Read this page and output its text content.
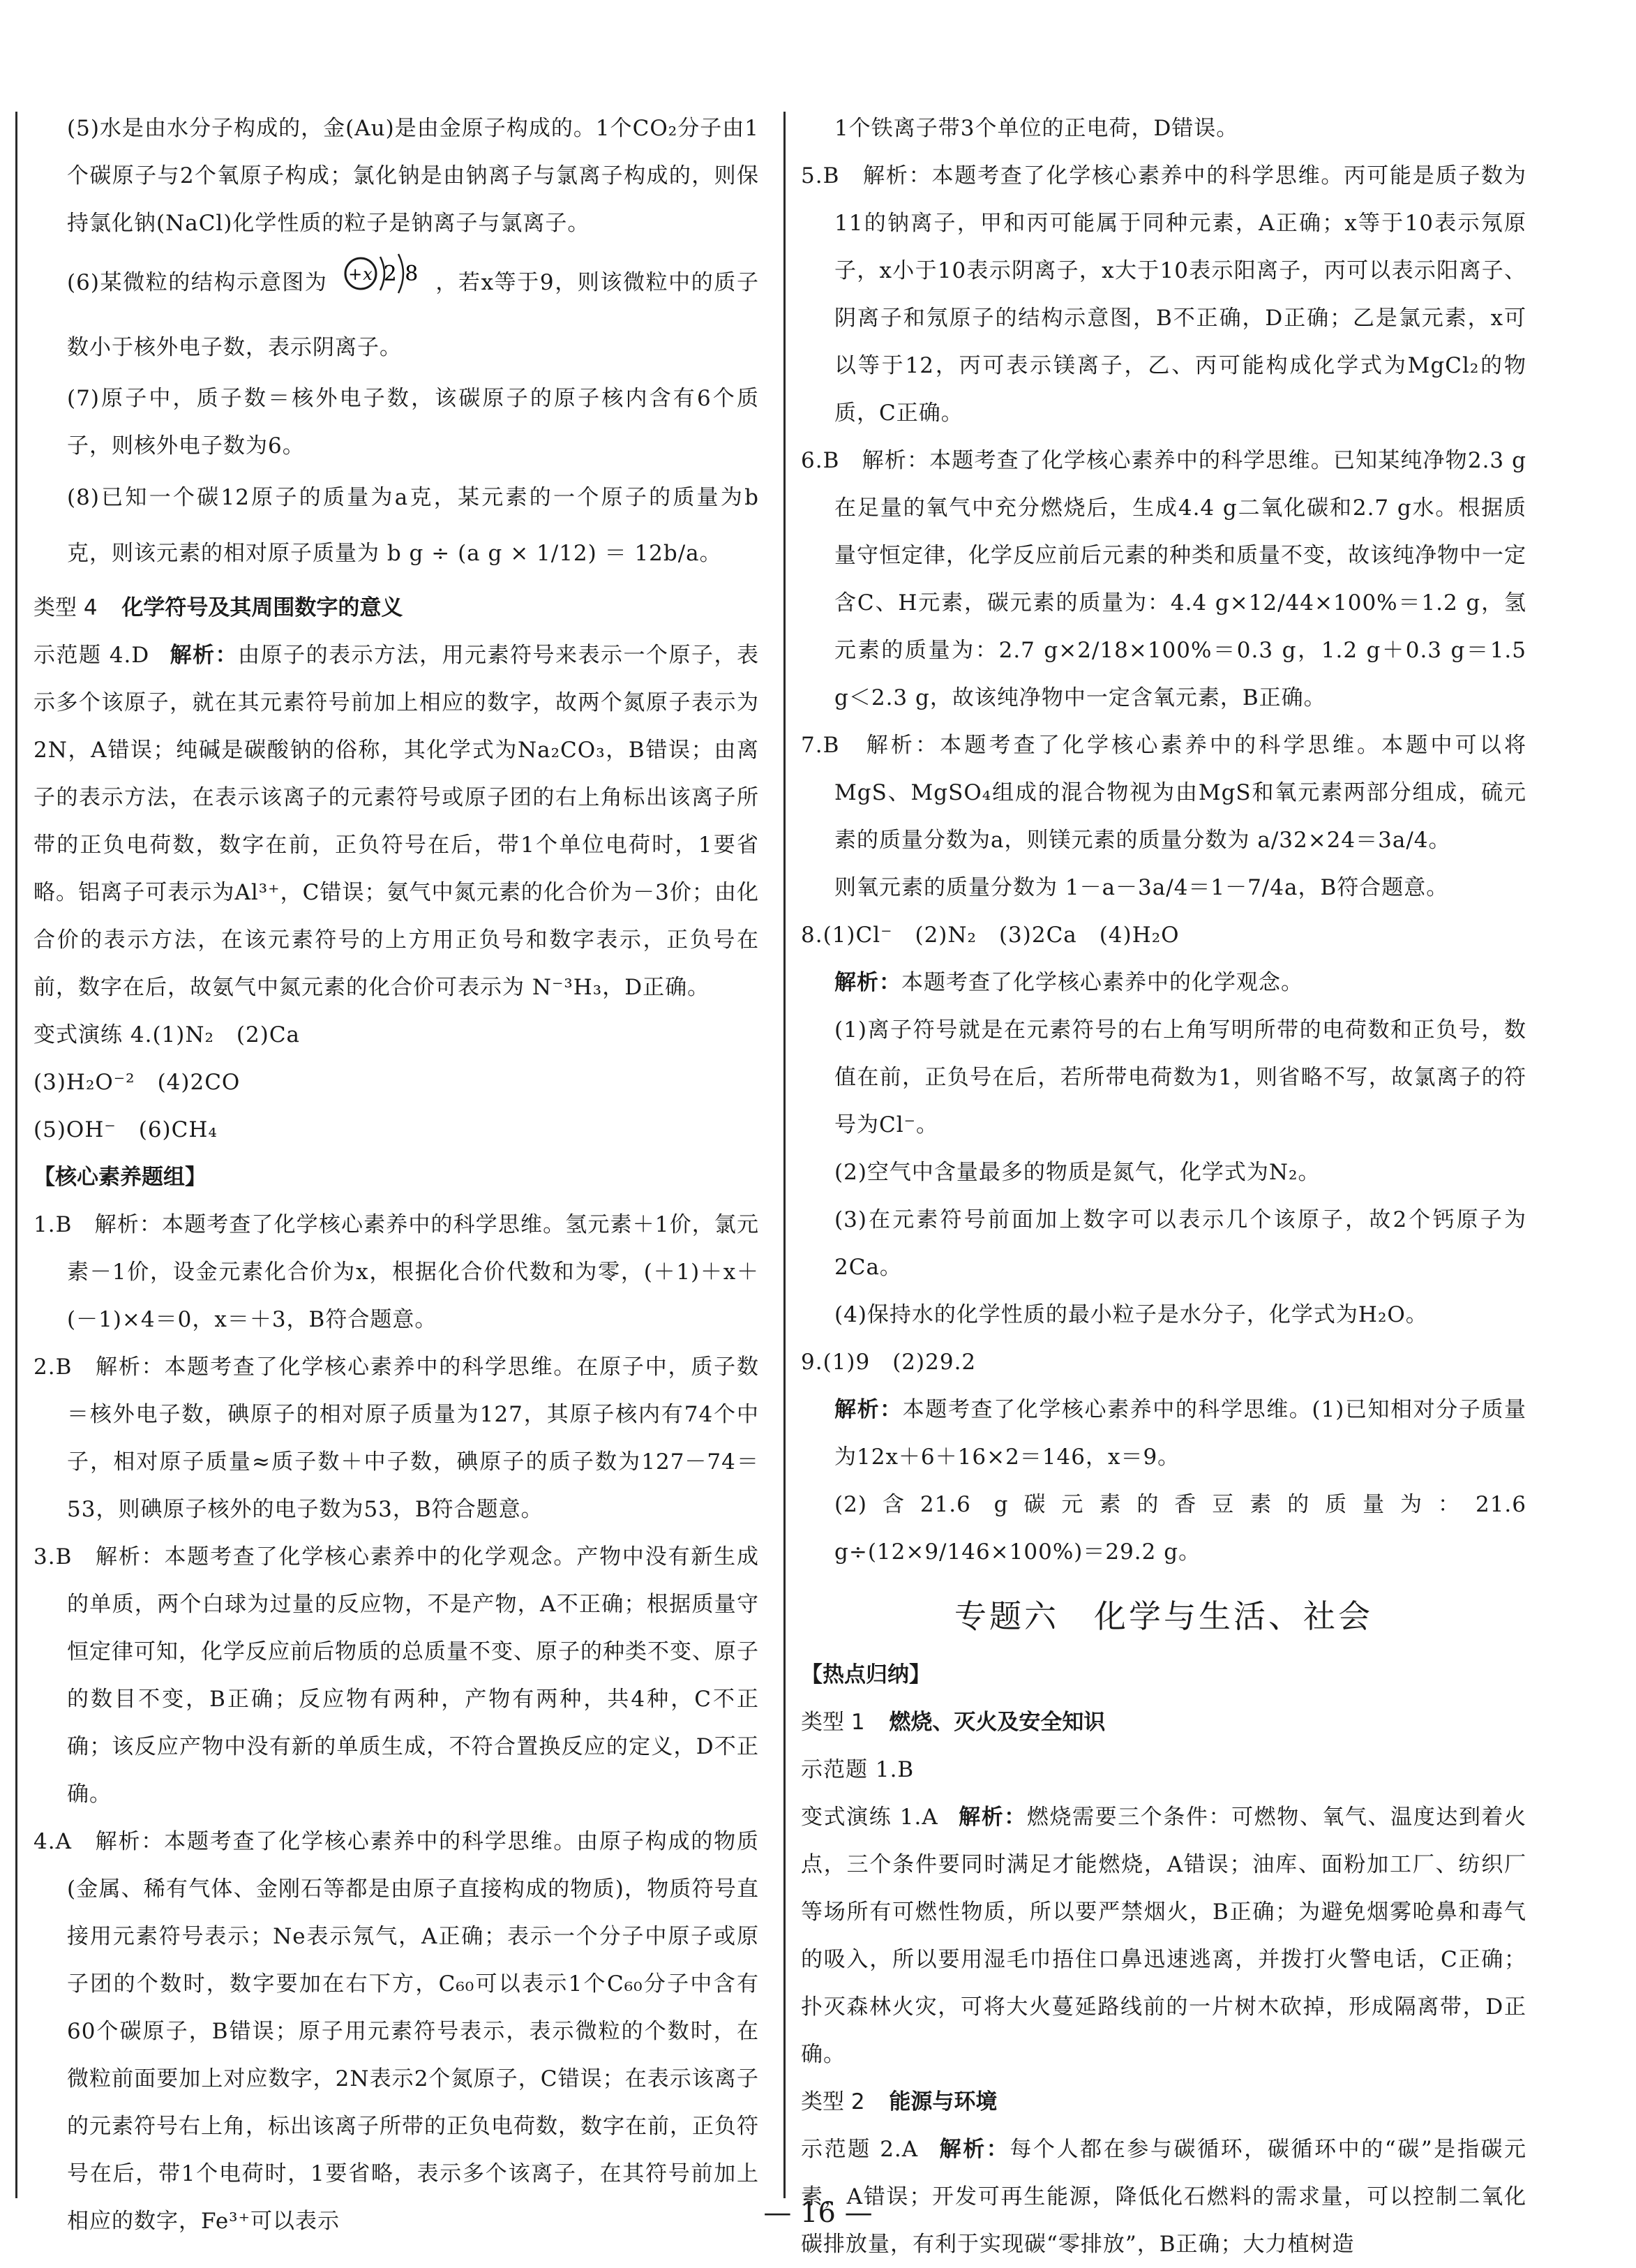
(5)水是由水分子构成的，金(Au)是由金原子构成的。1个CO₂分子由1个碳原子与2个氧原子构成；氯化钠是由钠离子与氯离子构成的，则保持氯化钠(NaCl)化学性质的粒子是钠离子与氯离子。

(6)某微粒的结构示意图为 +x 2 8 ，若x等于9，则该微粒中的质子数小于核外电子数，表示阴离子。

(7)原子中，质子数＝核外电子数，该碳原子的原子核内含有6个质子，则核外电子数为6。

(8)已知一个碳12原子的质量为a克，某元素的一个原子的质量为b克，则该元素的相对原子质量为 b g ÷ (a g × 1/12) ＝ 12b/a。

类型 4 化学符号及其周围数字的意义

示范题 4.D 解析：由原子的表示方法，用元素符号来表示一个原子，表示多个该原子，就在其元素符号前加上相应的数字，故两个氮原子表示为2N，A错误；纯碱是碳酸钠的俗称，其化学式为Na₂CO₃，B错误；由离子的表示方法，在表示该离子的元素符号或原子团的右上角标出该离子所带的正负电荷数，数字在前，正负符号在后，带1个单位电荷时，1要省略。铝离子可表示为Al³⁺，C错误；氨气中氮元素的化合价为－3价；由化合价的表示方法，在该元素符号的上方用正负号和数字表示，正负号在前，数字在后，故氨气中氮元素的化合价可表示为 N⁻³H₃，D正确。

变式演练 4.(1)N₂　(2)Ca

(3)H₂O⁻²　(4)2CO

(5)OH⁻　(6)CH₄

【核心素养题组】

1.B　解析：本题考查了化学核心素养中的科学思维。氢元素＋1价，氯元素－1价，设金元素化合价为x，根据化合价代数和为零，(＋1)＋x＋(－1)×4＝0，x＝＋3，B符合题意。

2.B　解析：本题考查了化学核心素养中的科学思维。在原子中，质子数＝核外电子数，碘原子的相对原子质量为127，其原子核内有74个中子，相对原子质量≈质子数＋中子数，碘原子的质子数为127－74＝53，则碘原子核外的电子数为53，B符合题意。

3.B　解析：本题考查了化学核心素养中的化学观念。产物中没有新生成的单质，两个白球为过量的反应物，不是产物，A不正确；根据质量守恒定律可知，化学反应前后物质的总质量不变、原子的种类不变、原子的数目不变，B正确；反应物有两种，产物有两种，共4种，C不正确；该反应产物中没有新的单质生成，不符合置换反应的定义，D不正确。

4.A　解析：本题考查了化学核心素养中的科学思维。由原子构成的物质(金属、稀有气体、金刚石等都是由原子直接构成的物质)，物质符号直接用元素符号表示；Ne表示氖气，A正确；表示一个分子中原子或原子团的个数时，数字要加在右下方，C₆₀可以表示1个C₆₀分子中含有60个碳原子，B错误；原子用元素符号表示，表示微粒的个数时，在微粒前面要加上对应数字，2N表示2个氮原子，C错误；在表示该离子的元素符号右上角，标出该离子所带的正负电荷数，数字在前，正负符号在后，带1个电荷时，1要省略，表示多个该离子，在其符号前加上相应的数字，Fe³⁺可以表示

1个铁离子带3个单位的正电荷，D错误。

5.B　解析：本题考查了化学核心素养中的科学思维。丙可能是质子数为11的钠离子，甲和丙可能属于同种元素，A正确；x等于10表示氖原子，x小于10表示阴离子，x大于10表示阳离子，丙可以表示阳离子、阴离子和氖原子的结构示意图，B不正确，D正确；乙是氯元素，x可以等于12，丙可表示镁离子，乙、丙可能构成化学式为MgCl₂的物质，C正确。

6.B　解析：本题考查了化学核心素养中的科学思维。已知某纯净物2.3 g在足量的氧气中充分燃烧后，生成4.4 g二氧化碳和2.7 g水。根据质量守恒定律，化学反应前后元素的种类和质量不变，故该纯净物中一定含C、H元素，碳元素的质量为：4.4 g×12/44×100%＝1.2 g，氢元素的质量为：2.7 g×2/18×100%＝0.3 g，1.2 g＋0.3 g＝1.5 g＜2.3 g，故该纯净物中一定含氧元素，B正确。

7.B　解析：本题考查了化学核心素养中的科学思维。本题中可以将MgS、MgSO₄组成的混合物视为由MgS和氧元素两部分组成，硫元素的质量分数为a，则镁元素的质量分数为 a/32×24＝3a/4。

则氧元素的质量分数为 1－a－3a/4＝1－7/4a，B符合题意。

8.(1)Cl⁻　(2)N₂　(3)2Ca　(4)H₂O

解析：本题考查了化学核心素养中的化学观念。

(1)离子符号就是在元素符号的右上角写明所带的电荷数和正负号，数值在前，正负号在后，若所带电荷数为1，则省略不写，故氯离子的符号为Cl⁻。

(2)空气中含量最多的物质是氮气，化学式为N₂。

(3)在元素符号前面加上数字可以表示几个该原子，故2个钙原子为2Ca。

(4)保持水的化学性质的最小粒子是水分子，化学式为H₂O。

9.(1)9　(2)29.2

解析：本题考查了化学核心素养中的科学思维。(1)已知相对分子质量为12x＋6＋16×2＝146，x＝9。

(2)含21.6 g碳元素的香豆素的质量为：21.6 g÷(12×9/146×100%)＝29.2 g。

专题六　化学与生活、社会

【热点归纳】

类型 1 燃烧、灭火及安全知识

示范题 1.B

变式演练 1.A 解析：燃烧需要三个条件：可燃物、氧气、温度达到着火点，三个条件要同时满足才能燃烧，A错误；油库、面粉加工厂、纺织厂等场所有可燃性物质，所以要严禁烟火，B正确；为避免烟雾呛鼻和毒气的吸入，所以要用湿毛巾捂住口鼻迅速逃离，并拨打火警电话，C正确；扑灭森林火灾，可将大火蔓延路线前的一片树木砍掉，形成隔离带，D正确。

类型 2 能源与环境

示范题 2.A 解析：每个人都在参与碳循环，碳循环中的“碳”是指碳元素，A错误；开发可再生能源，降低化石燃料的需求量，可以控制二氧化碳排放量，有利于实现碳“零排放”，B正确；大力植树造

— 16 —
